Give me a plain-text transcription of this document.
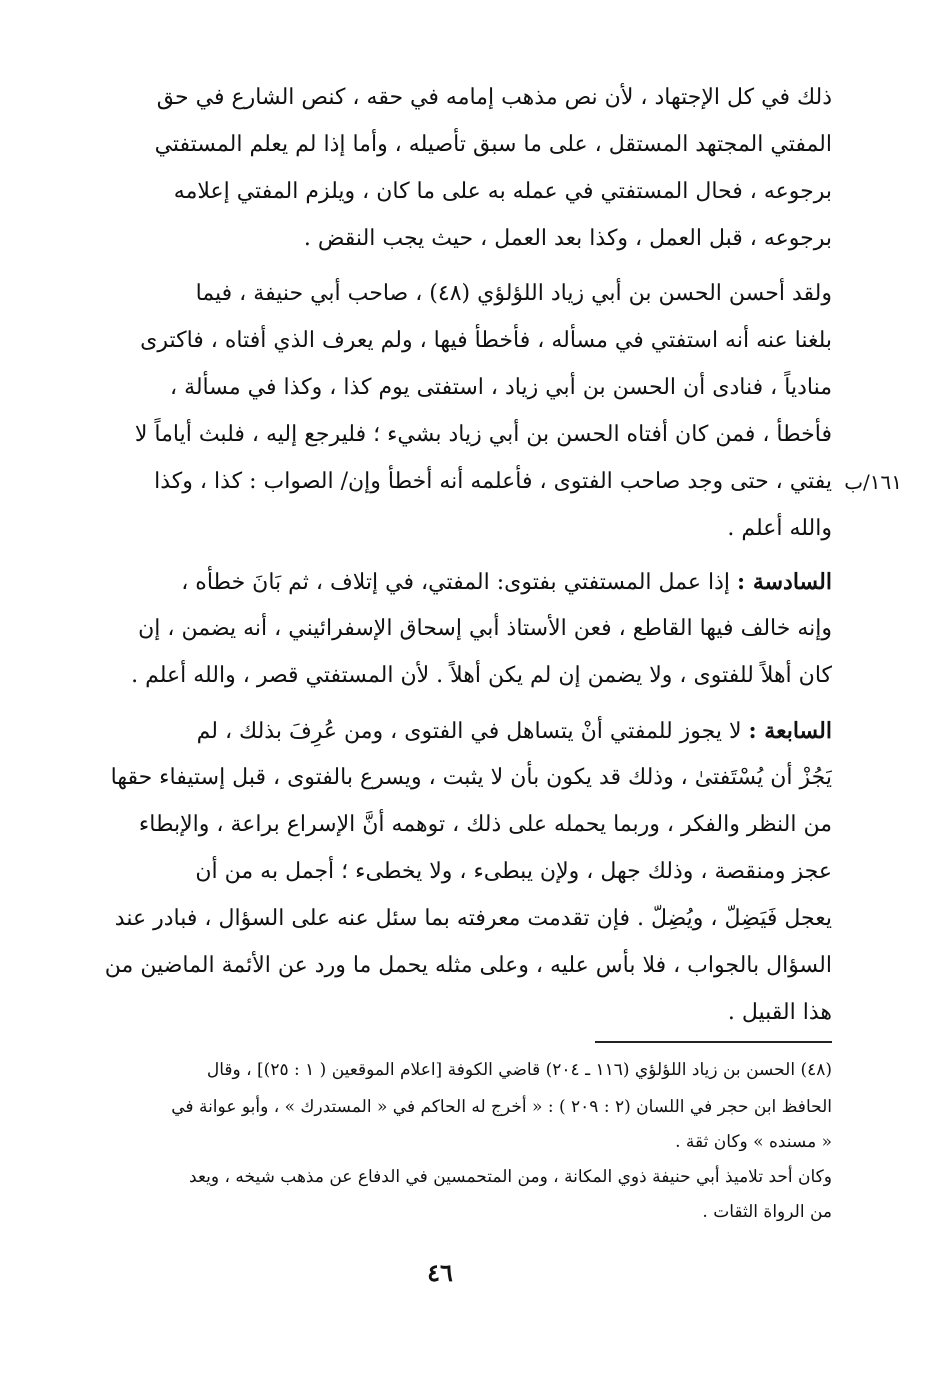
ذلك في كل الإجتهاد ، لأن نص مذهب إمامه في حقه ، كنص الشارع في حق
المفتي المجتهد المستقل ، على ما سبق تأصيله ، وأما إذا لم يعلم المستفتي
برجوعه ، فحال المستفتي في عمله به على ما كان ، ويلزم المفتي إعلامه
برجوعه ، قبل العمل ، وكذا بعد العمل ، حيث يجب النقض .
ولقد أحسن الحسن بن أبي زياد اللؤلؤي (٤٨) ، صاحب أبي حنيفة ، فيما
بلغنا عنه أنه استفتي في مسأله ، فأخطأ فيها ، ولم يعرف الذي أفتاه ، فاكترى
منادياً ، فنادى أن الحسن بن أبي زياد ، استفتى يوم كذا ، وكذا في مسألة ،
فأخطأ ، فمن كان أفتاه الحسن بن أبي زياد بشيء ؛ فليرجع إليه ، فلبث أياماً لا
يفتي ، حتى وجد صاحب الفتوى ، فأعلمه أنه أخطأ وإن/ الصواب : كذا ، وكذا
والله أعلم .
السادسة : إذا عمل المستفتي بفتوى: المفتي، في إتلاف ، ثم بَانَ خطأه ،
وإنه خالف فيها القاطع ، فعن الأستاذ أبي إسحاق الإسفرائيني ، أنه يضمن ، إن
كان أهلاً للفتوى ، ولا يضمن إن لم يكن أهلاً . لأن المستفتي قصر ، والله أعلم .
السابعة : لا يجوز للمفتي أنْ يتساهل في الفتوى ، ومن عُرِفَ بذلك ، لم
يَجُزْ أن يُسْتَفتىٰ ، وذلك قد يكون بأن لا يثبت ، ويسرع بالفتوى ، قبل إستيفاء حقها
من النظر والفكر ، وربما يحمله على ذلك ، توهمه أنَّ الإسراع براعة ، والإبطاء
عجز ومنقصة ، وذلك جهل ، ولإن يبطىء ، ولا يخطىء ؛ أجمل به من أن
يعجل فَيَضِلّ ، ويُضِلّ . فإن تقدمت معرفته بما سئل عنه على السؤال ، فبادر عند
السؤال بالجواب ، فلا بأس عليه ، وعلى مثله يحمل ما ورد عن الأئمة الماضين من
هذا القبيل .
١٦١/ب
(٤٨) الحسن بن زياد اللؤلؤي (١١٦ ـ ٢٠٤) قاضي الكوفة [اعلام الموقعين ( ١ : ٢٥)] ، وقال
الحافظ ابن حجر في اللسان (٢ : ٢٠٩ ) : « أخرج له الحاكم في « المستدرك » ، وأبو عوانة في
« مسنده » وكان ثقة .
وكان أحد تلاميذ أبي حنيفة ذوي المكانة ، ومن المتحمسين في الدفاع عن مذهب شيخه ، ويعد
من الرواة الثقات .
٤٦
